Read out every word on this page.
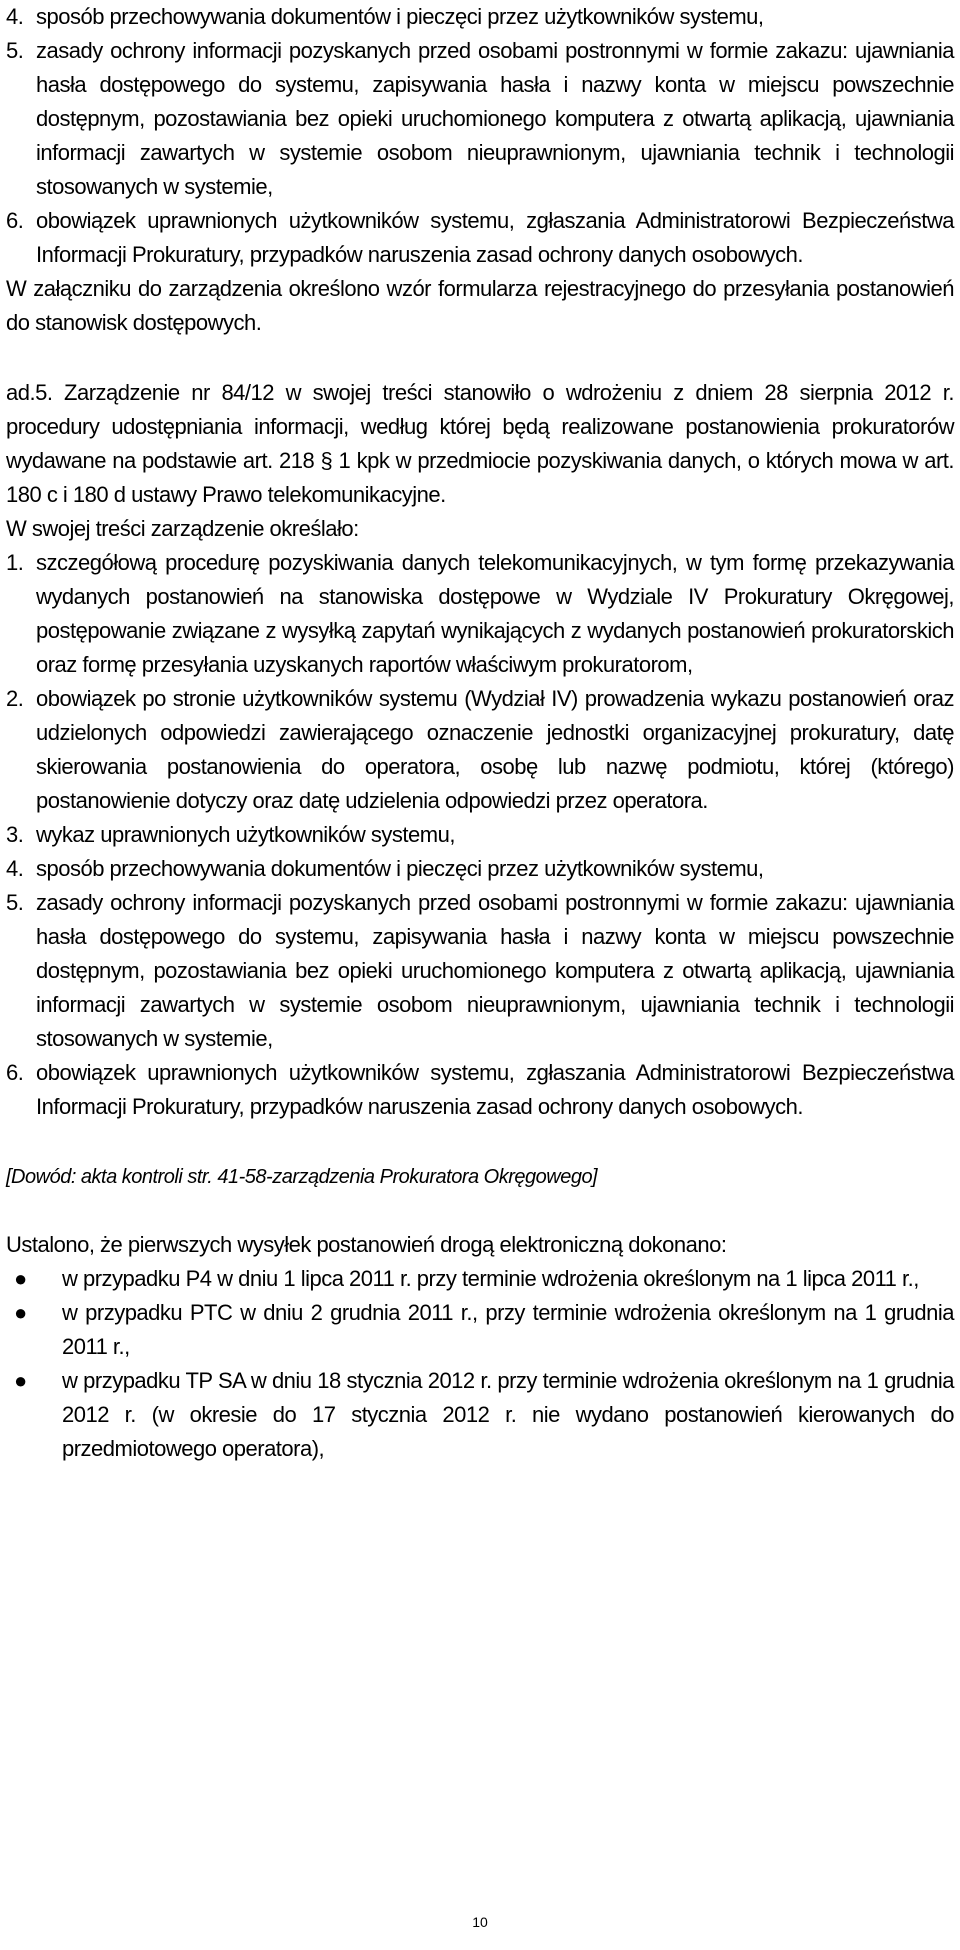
4. sposób przechowywania dokumentów i pieczęci przez użytkowników systemu,
5. zasady ochrony informacji pozyskanych przed osobami postronnymi w formie zakazu: ujawniania hasła dostępowego do systemu, zapisywania hasła i nazwy konta w miejscu powszechnie dostępnym, pozostawiania bez opieki uruchomionego komputera z otwartą aplikacją, ujawniania informacji zawartych w systemie osobom nieuprawnionym, ujawniania technik i technologii stosowanych w systemie,
6. obowiązek uprawnionych użytkowników systemu, zgłaszania Administratorowi Bezpieczeństwa Informacji Prokuratury, przypadków naruszenia zasad ochrony danych osobowych.

W załączniku do zarządzenia określono wzór formularza rejestracyjnego do przesyłania postanowień do stanowisk dostępowych.

ad.5. Zarządzenie nr 84/12 w swojej treści stanowiło o wdrożeniu z dniem 28 sierpnia 2012 r. procedury udostępniania informacji, według której będą realizowane postanowienia prokuratorów wydawane na podstawie art. 218 § 1 kpk w przedmiocie pozyskiwania danych, o których mowa w art. 180 c i 180 d ustawy Prawo telekomunikacyjne.

W swojej treści zarządzenie określało:

1. szczegółową procedurę pozyskiwania danych telekomunikacyjnych, w tym formę przekazywania wydanych postanowień na stanowiska dostępowe w Wydziale IV Prokuratury Okręgowej, postępowanie związane z wysyłką zapytań wynikających z wydanych postanowień prokuratorskich oraz formę przesyłania uzyskanych raportów właściwym prokuratorom,
2. obowiązek po stronie użytkowników systemu (Wydział IV) prowadzenia wykazu postanowień oraz udzielonych odpowiedzi zawierającego oznaczenie jednostki organizacyjnej prokuratury, datę skierowania postanowienia do operatora, osobę lub nazwę podmiotu, której (którego) postanowienie dotyczy oraz datę udzielenia odpowiedzi przez operatora.
3. wykaz uprawnionych użytkowników systemu,
4. sposób przechowywania dokumentów i pieczęci przez użytkowników systemu,
5. zasady ochrony informacji pozyskanych przed osobami postronnymi w formie zakazu: ujawniania hasła dostępowego do systemu, zapisywania hasła i nazwy konta w miejscu powszechnie dostępnym, pozostawiania bez opieki uruchomionego komputera z otwartą aplikacją, ujawniania informacji zawartych w systemie osobom nieuprawnionym, ujawniania technik i technologii stosowanych w systemie,
6. obowiązek uprawnionych użytkowników systemu, zgłaszania Administratorowi Bezpieczeństwa Informacji Prokuratury, przypadków naruszenia zasad ochrony danych osobowych.

[Dowód: akta kontroli str. 41-58-zarządzenia Prokuratora Okręgowego]

Ustalono, że pierwszych wysyłek postanowień drogą elektroniczną dokonano:

●	w przypadku P4 w dniu 1 lipca 2011 r. przy terminie wdrożenia określonym na 1 lipca 2011 r.,
●	w przypadku PTC w dniu 2 grudnia 2011 r., przy terminie wdrożenia określonym na 1 grudnia 2011 r.,
●	w przypadku TP SA w dniu 18 stycznia 2012 r. przy terminie wdrożenia określonym na 1 grudnia 2012 r. (w okresie do 17 stycznia 2012 r. nie wydano postanowień kierowanych do przedmiotowego operatora),
10
